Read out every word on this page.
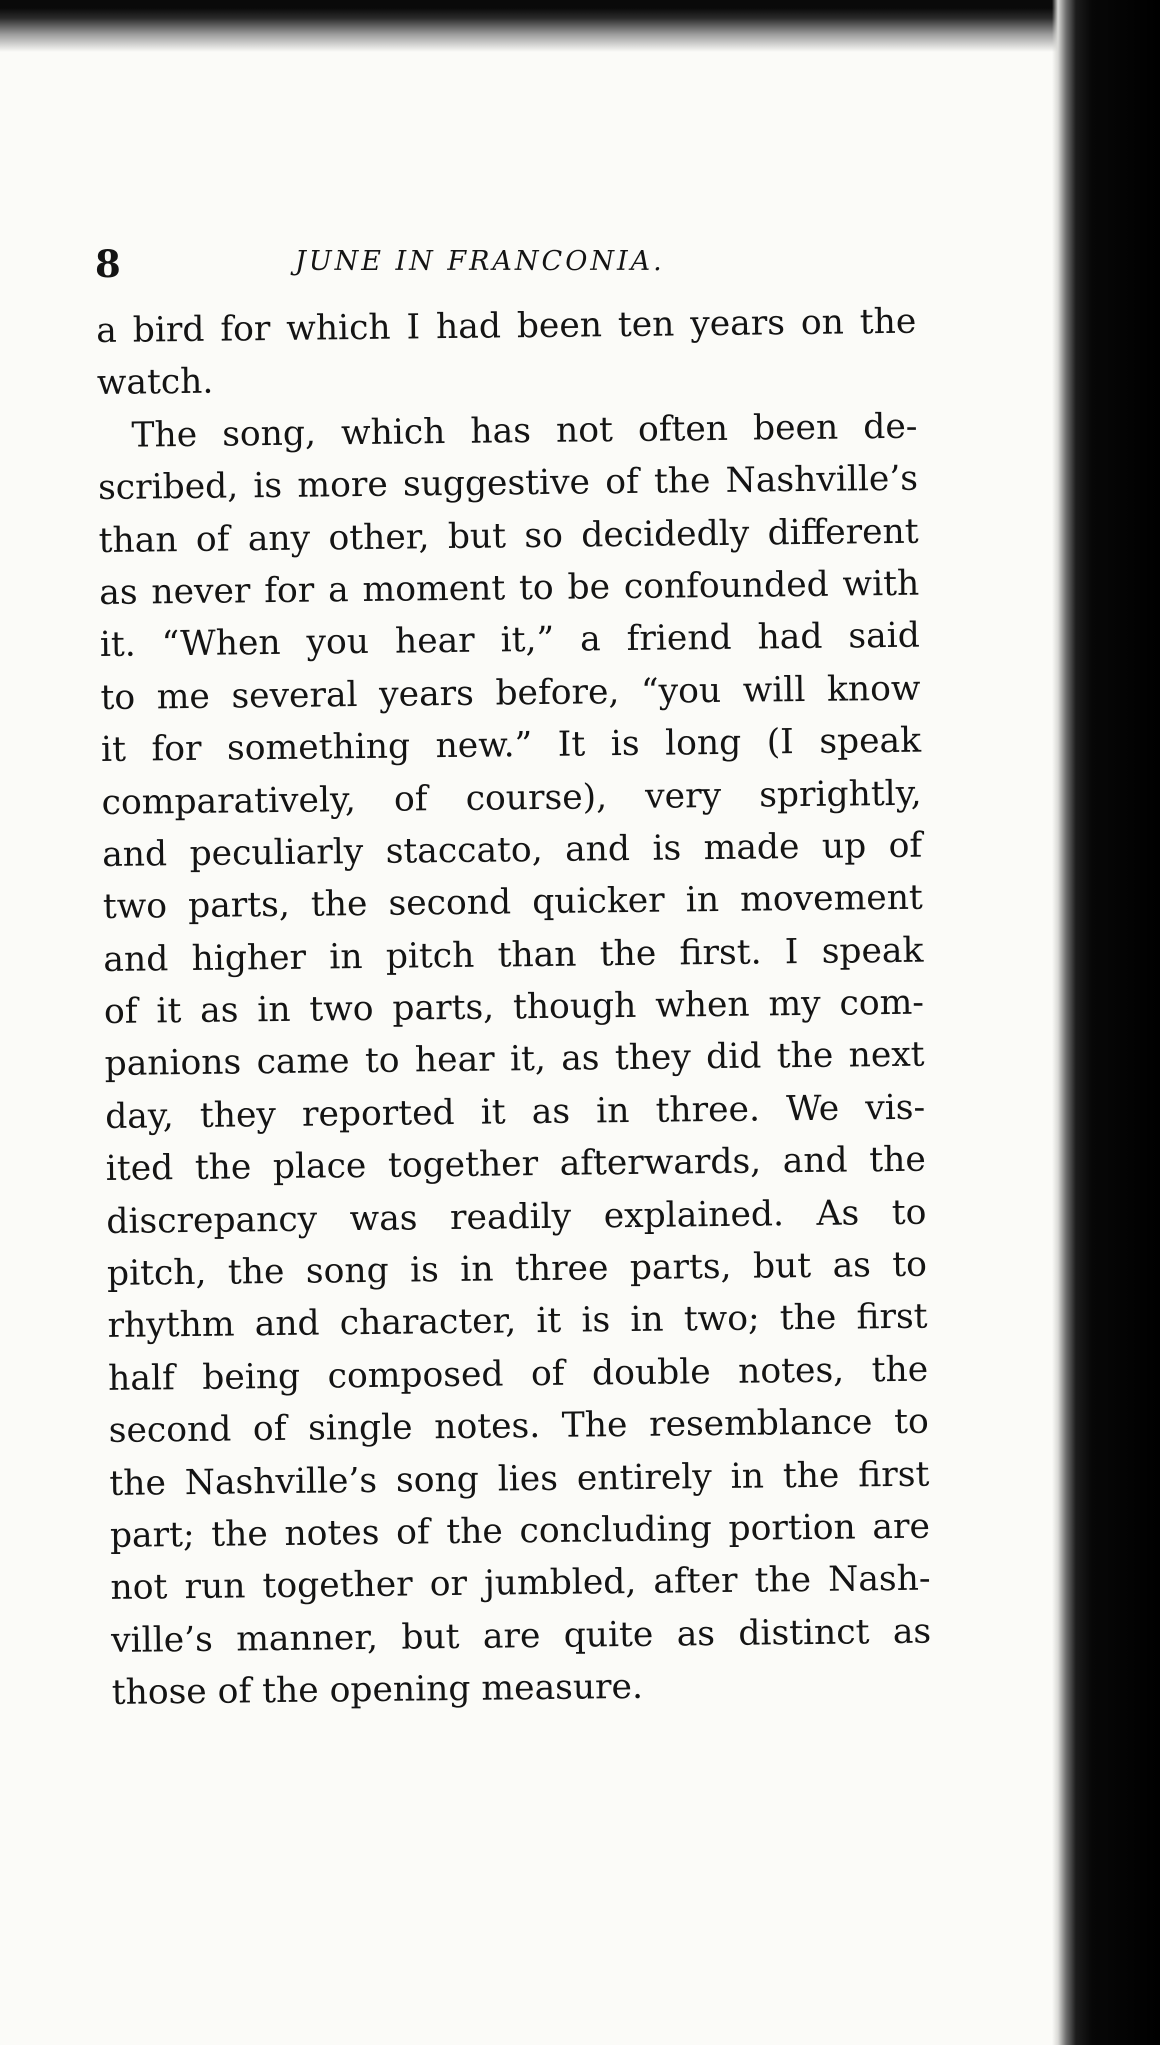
8	JUNE IN FRANCONIA.
a bird for which I had been ten years on the
watch.
The song, which has not often been de-
scribed, is more suggestive of the Nashville’s
than of any other, but so decidedly different
as never for a moment to be confounded with
it. “When you hear it,” a friend had said
to me several years before, “you will know
it for something new.” It is long (I speak
comparatively, of course), very sprightly,
and peculiarly staccato, and is made up of
two parts, the second quicker in movement
and higher in pitch than the first. I speak
of it as in two parts, though when my com-
panions came to hear it, as they did the next
day, they reported it as in three. We vis-
ited the place together afterwards, and the
discrepancy was readily explained. As to
pitch, the song is in three parts, but as to
rhythm and character, it is in two; the first
half being composed of double notes, the
second of single notes. The resemblance to
the Nashville’s song lies entirely in the first
part; the notes of the concluding portion are
not run together or jumbled, after the Nash-
ville’s manner, but are quite as distinct as
those of the opening measure.
